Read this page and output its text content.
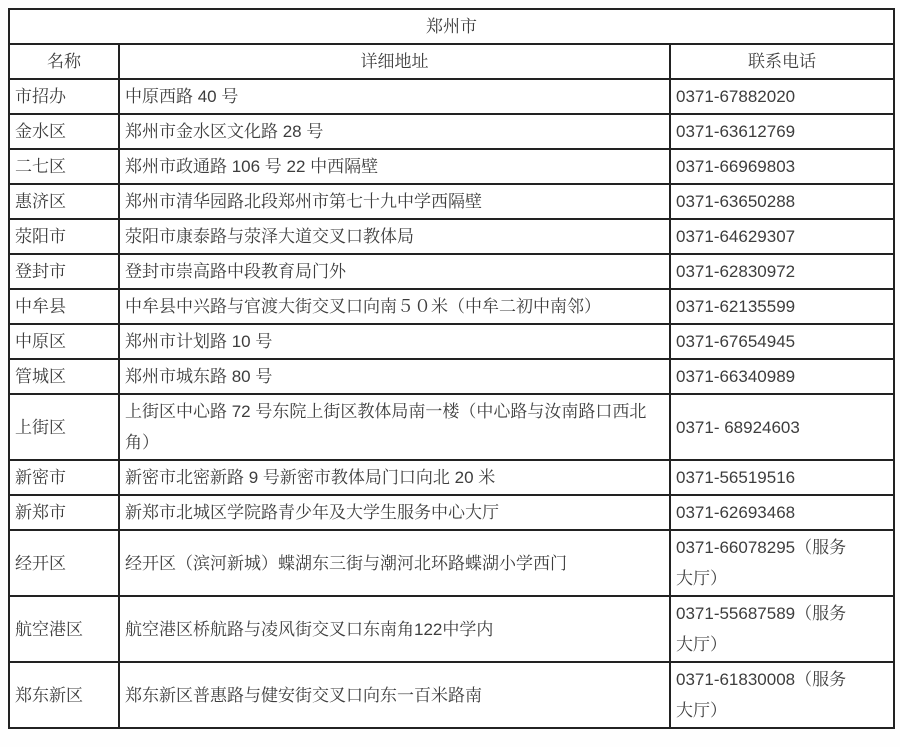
郑州市		
名称	详细地址	联系电话
市招办	中原西路 40 号	0371-67882020
金水区	郑州市金水区文化路 28 号	0371-63612769
二七区	郑州市政通路 106 号 22 中西隔壁	0371-66969803
惠济区	郑州市清华园路北段郑州市第七十九中学西隔壁	0371-63650288
荥阳市	荥阳市康泰路与荥泽大道交叉口教体局	0371-64629307
登封市	登封市崇高路中段教育局门外	0371-62830972
中牟县	中牟县中兴路与官渡大街交叉口向南５０米（中牟二初中南邻）	0371-62135599
中原区	郑州市计划路 10 号	0371-67654945
管城区	郑州市城东路 80 号	0371-66340989
上街区	上街区中心路 72 号东院上街区教体局南一楼（中心路与汝南路口西北角）	0371- 68924603
新密市	新密市北密新路 9 号新密市教体局门口向北 20 米	0371-56519516
新郑市	新郑市北城区学院路青少年及大学生服务中心大厅	0371-62693468
经开区	经开区（滨河新城）蝶湖东三街与潮河北环路蝶湖小学西门	0371-66078295（服务大厅）
航空港区	航空港区桥航路与凌风街交叉口东南角122中学内	0371-55687589（服务大厅）
郑东新区	郑东新区普惠路与健安街交叉口向东一百米路南	0371-61830008（服务大厅）
